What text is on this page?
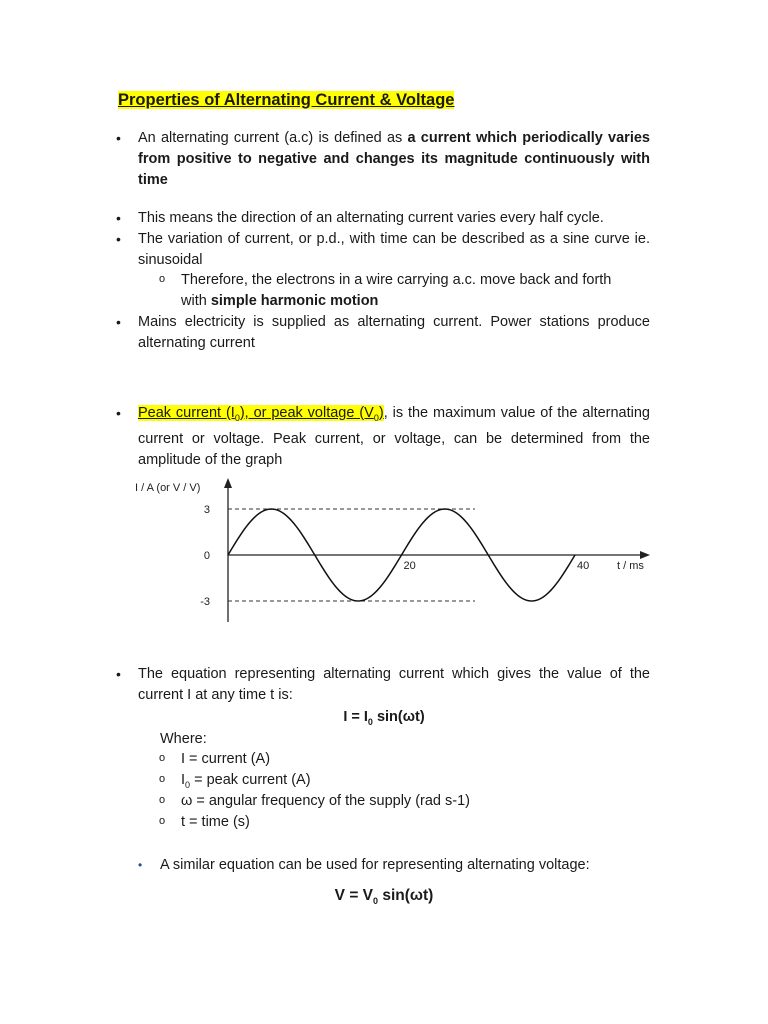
Properties of Alternating Current & Voltage
• An alternating current (a.c) is defined as a current which periodically varies from positive to negative and changes its magnitude continuously with time
• This means the direction of an alternating current varies every half cycle.
• The variation of current, or p.d., with time can be described as a sine curve ie. sinusoidal
o Therefore, the electrons in a wire carrying a.c. move back and forth with simple harmonic motion
• Mains electricity is supplied as alternating current. Power stations produce alternating current
• Peak current $(I_0)$, or peak voltage $(V_0)$, is the maximum value of the alternating current or voltage. Peak current, or voltage, can be determined from the amplitude of the graph
I / A (or V / V)
t / ms
3
0
-3
20	40
• The equation representing alternating current which gives the value of the current I at any time t is:
$I = I_0$ sin(ωt)
Where:
o I = current (A)
o $I_0$ = peak current (A)
o ω = angular frequency of the supply (rad s-1)
o t = time (s)
• A similar equation can be used for representing alternating voltage:
$V = V_0$ sin(ωt)
